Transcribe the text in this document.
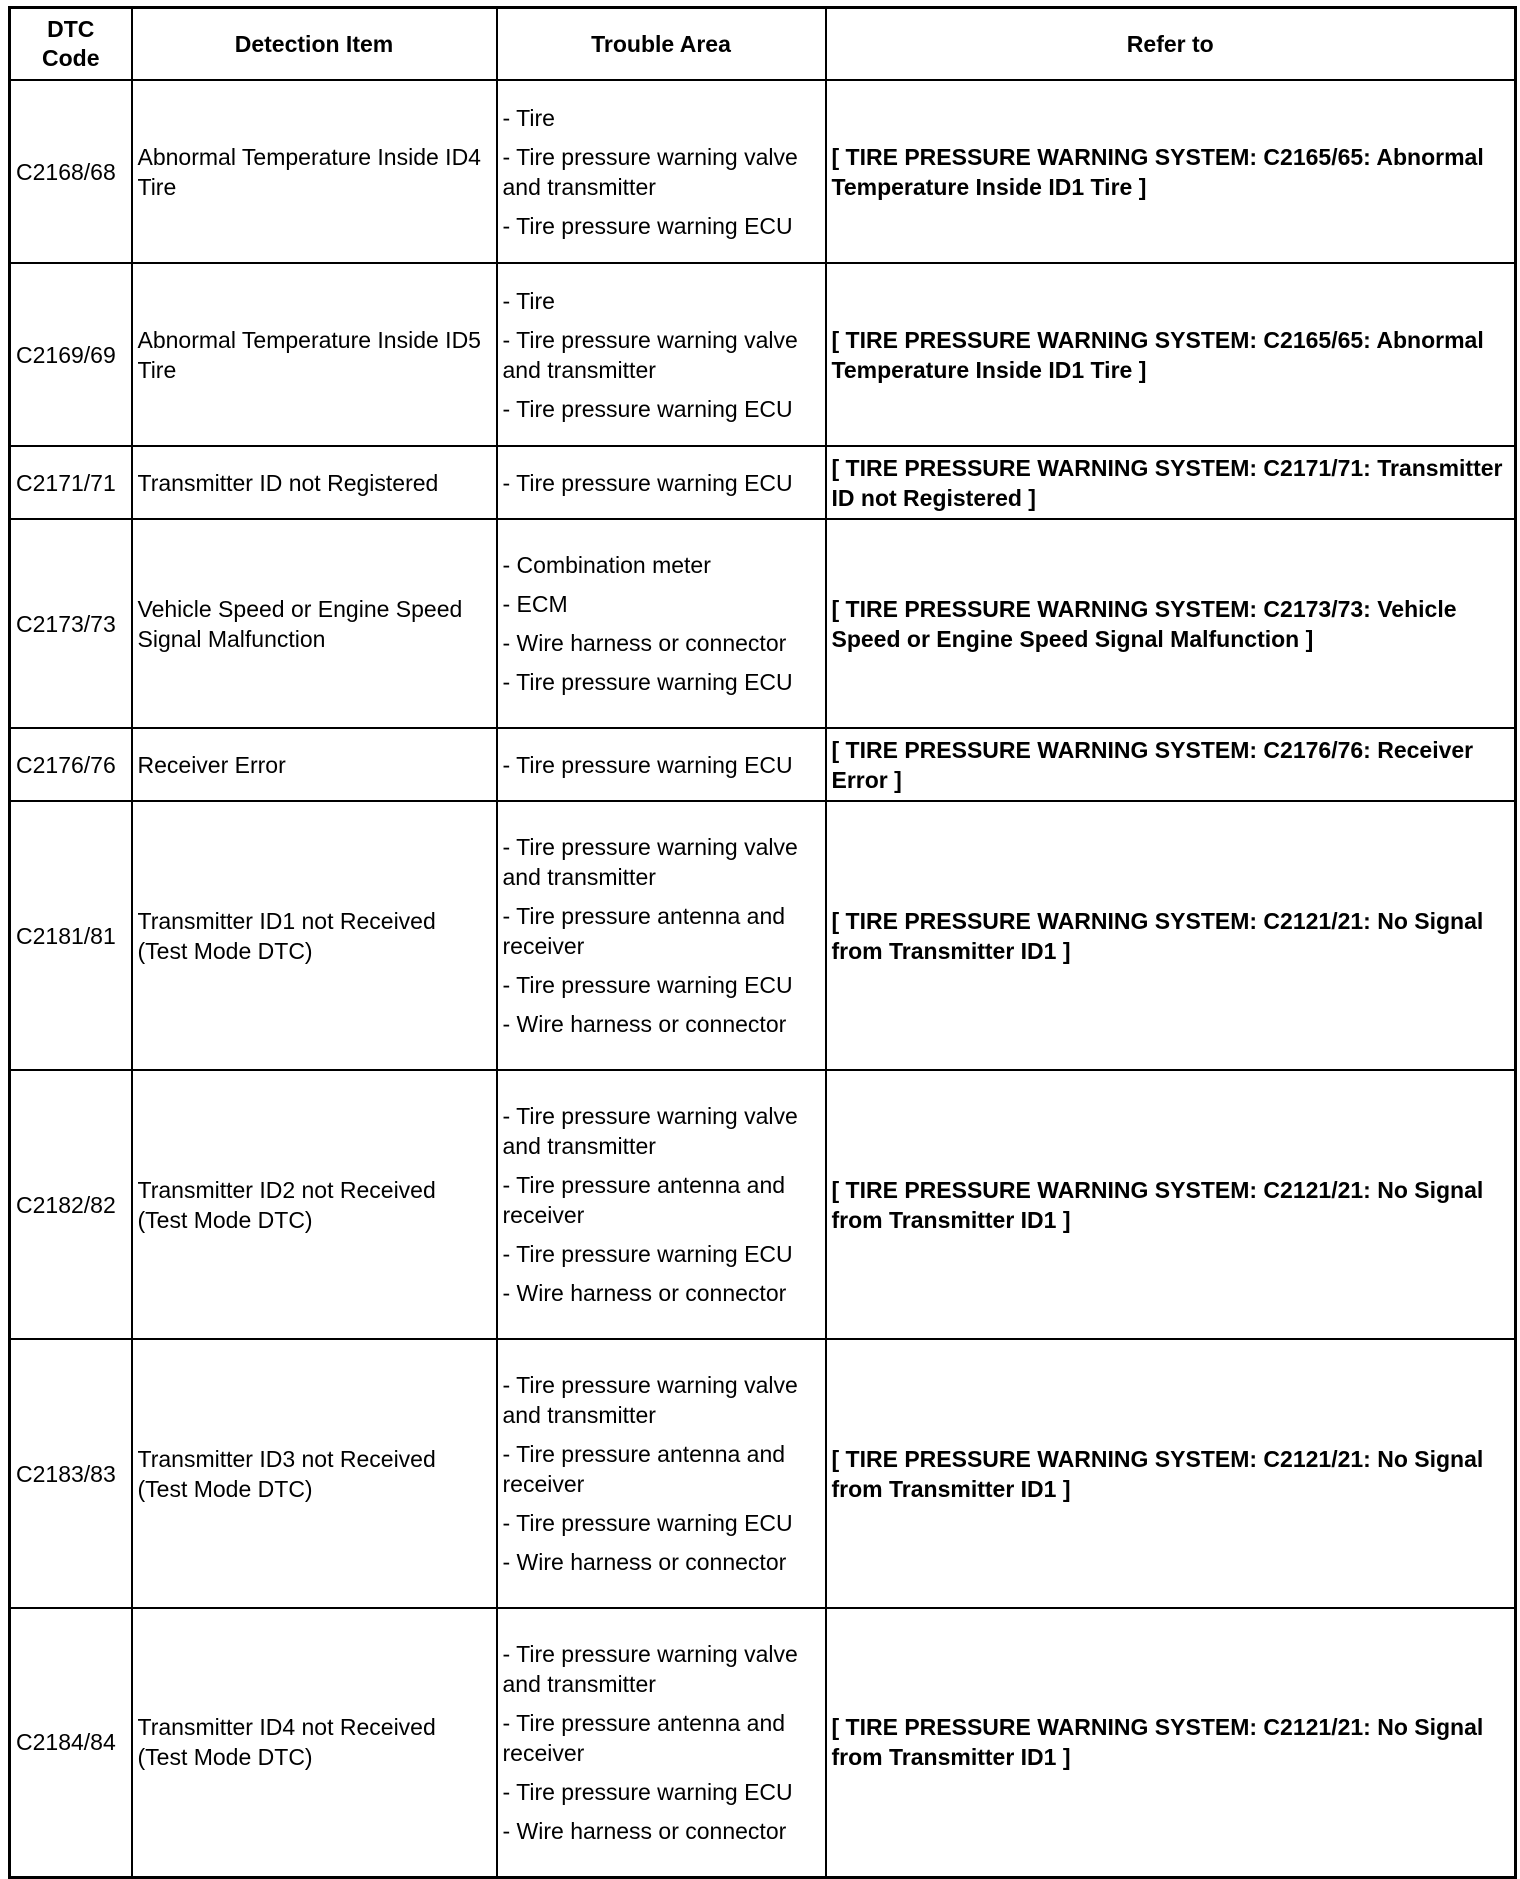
DTC Code	Detection Item	Trouble Area	Refer to
C2168/68	Abnormal Temperature Inside ID4 Tire	- Tire
- Tire pressure warning valve and transmitter
- Tire pressure warning ECU	[ TIRE PRESSURE WARNING SYSTEM: C2165/65: Abnormal Temperature Inside ID1 Tire ]
C2169/69	Abnormal Temperature Inside ID5 Tire	- Tire
- Tire pressure warning valve and transmitter
- Tire pressure warning ECU	[ TIRE PRESSURE WARNING SYSTEM: C2165/65: Abnormal Temperature Inside ID1 Tire ]
C2171/71	Transmitter ID not Registered	- Tire pressure warning ECU	[ TIRE PRESSURE WARNING SYSTEM: C2171/71: Transmitter ID not Registered ]
C2173/73	Vehicle Speed or Engine Speed Signal Malfunction	- Combination meter
- ECM
- Wire harness or connector
- Tire pressure warning ECU	[ TIRE PRESSURE WARNING SYSTEM: C2173/73: Vehicle Speed or Engine Speed Signal Malfunction ]
C2176/76	Receiver Error	- Tire pressure warning ECU	[ TIRE PRESSURE WARNING SYSTEM: C2176/76: Receiver Error ]
C2181/81	Transmitter ID1 not Received (Test Mode DTC)	- Tire pressure warning valve and transmitter
- Tire pressure antenna and receiver
- Tire pressure warning ECU
- Wire harness or connector	[ TIRE PRESSURE WARNING SYSTEM: C2121/21: No Signal from Transmitter ID1 ]
C2182/82	Transmitter ID2 not Received (Test Mode DTC)	- Tire pressure warning valve and transmitter
- Tire pressure antenna and receiver
- Tire pressure warning ECU
- Wire harness or connector	[ TIRE PRESSURE WARNING SYSTEM: C2121/21: No Signal from Transmitter ID1 ]
C2183/83	Transmitter ID3 not Received (Test Mode DTC)	- Tire pressure warning valve and transmitter
- Tire pressure antenna and receiver
- Tire pressure warning ECU
- Wire harness or connector	[ TIRE PRESSURE WARNING SYSTEM: C2121/21: No Signal from Transmitter ID1 ]
C2184/84	Transmitter ID4 not Received (Test Mode DTC)	- Tire pressure warning valve and transmitter
- Tire pressure antenna and receiver
- Tire pressure warning ECU
- Wire harness or connector	[ TIRE PRESSURE WARNING SYSTEM: C2121/21: No Signal from Transmitter ID1 ]
